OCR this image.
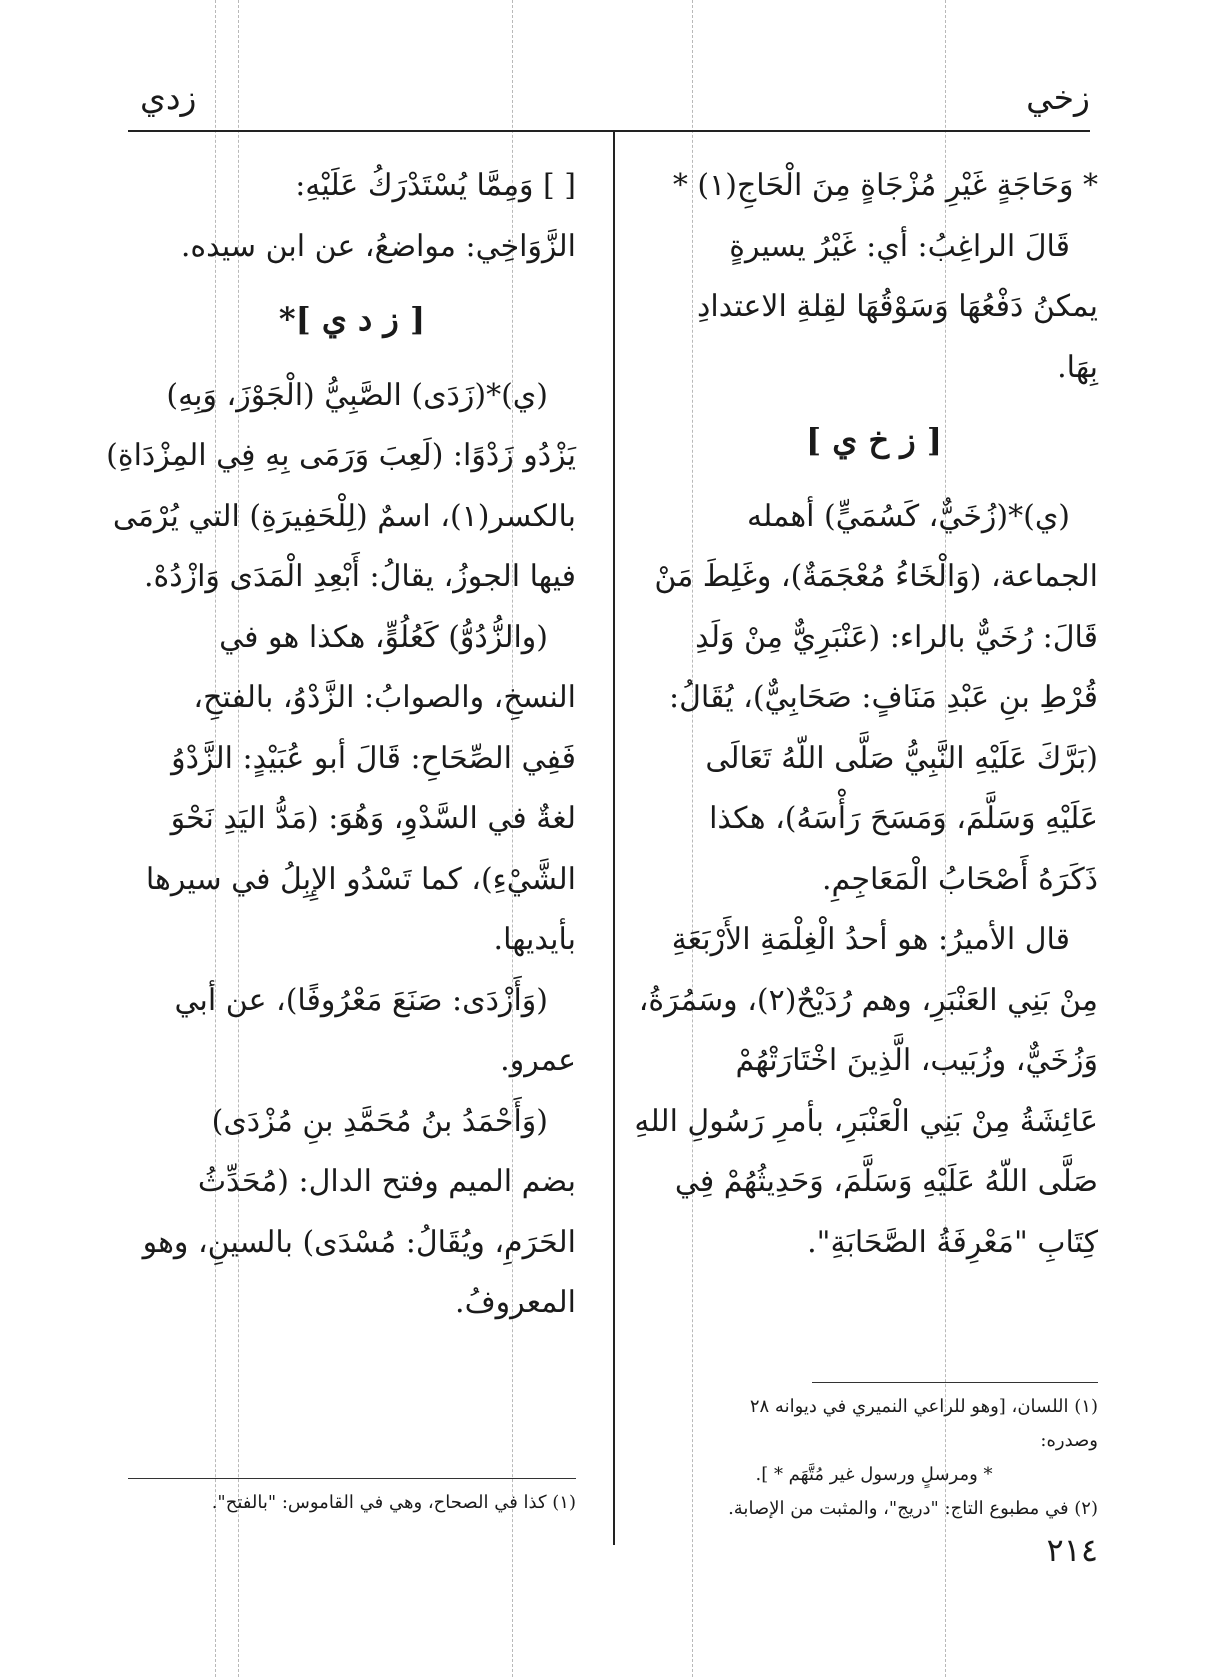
زخي
زدي

* وَحَاجَةٍ غَيْرِ مُزْجَاةٍ مِنَ الْحَاجِ(١) *
قَالَ الراغِبُ: أي: غَيْرُ يسيرةٍ
يمكنُ دَفْعُهَا وَسَوْقُهَا لقِلةِ الاعتدادِ
بِهَا.

[ ز خ ي ]

(ي)*(زُخَيٌّ، كَسُمَيٍّ) أهمله
الجماعة، (وَالْخَاءُ مُعْجَمَةٌ)، وغَلِطَ مَنْ
قَالَ: رُخَيٌّ بالراء: (عَنْبَرِيٌّ مِنْ وَلَدِ
قُرْطِ بنِ عَبْدِ مَنَافٍ: صَحَابِيٌّ)، يُقَالُ:
(بَرَّكَ عَلَيْهِ النَّبِيُّ صَلَّى اللّهُ تَعَالَى
عَلَيْهِ وَسَلَّمَ، وَمَسَحَ رَأْسَهُ)، هكذا
ذَكَرَهُ أَصْحَابُ الْمَعَاجِمِ.
قال الأميرُ: هو أحدُ الْغِلْمَةِ الأَرْبَعَةِ
مِنْ بَنِي العَنْبَرِ، وهم رُدَيْحٌ(٢)، وسَمُرَةُ،
وَزُخَيٌّ، وزُبَيب، الَّذِينَ اخْتَارَتْهُمْ
عَائِشَةُ مِنْ بَنِي الْعَنْبَرِ، بأمرِ رَسُولِ اللهِ
صَلَّى اللّهُ عَلَيْهِ وَسَلَّمَ، وَحَدِيثُهُمْ فِي
كِتَابِ "مَعْرِفَةُ الصَّحَابَةِ".

(١) اللسان، [وهو للراعي النميري في ديوانه ٢٨

وصدره:

* ومرسلٍ ورسول غير مُتَّهَم * ].

(٢) في مطبوع التاج: "دريج"، والمثبت من الإصابة.

[ ] وَمِمَّا يُسْتَدْرَكُ عَلَيْهِ:
الزَّوَاخِي: مواضعُ، عن ابن سيده.

[ ز د ي ]*

(ي)*(زَدَى) الصَّبِيُّ (الْجَوْزَ، وَبِهِ)
يَزْدُو زَدْوًا: (لَعِبَ وَرَمَى بِهِ فِي المِزْدَاةِ)
بالكسر(١)، اسمٌ (لِلْحَفِيرَةِ) التي يُرْمَى
فيها الجوزُ، يقالُ: أَبْعِدِ الْمَدَى وَازْدُهْ.
(والزُّدُوُّ) كَعُلُوٍّ، هكذا هو في
النسخِ، والصوابُ: الزَّدْوُ، بالفتحِ،
فَفِي الصِّحَاحِ: قَالَ أبو عُبَيْدٍ: الزَّدْوُ
لغةٌ في السَّدْوِ، وَهُوَ: (مَدُّ اليَدِ نَحْوَ
الشَّيْءِ)، كما تَسْدُو الإِبِلُ في سيرها
بأيديها.
(وَأَزْدَى: صَنَعَ مَعْرُوفًا)، عن أبي
عمرو.
(وَأَحْمَدُ بنُ مُحَمَّدِ بنِ مُزْدَى)
بضم الميم وفتح الدال: (مُحَدِّثُ
الحَرَمِ، ويُقَالُ: مُسْدَى) بالسينِ، وهو
المعروفُ.

(١) كذا في الصحاح، وهي في القاموس: "بالفتح".

٢١٤
